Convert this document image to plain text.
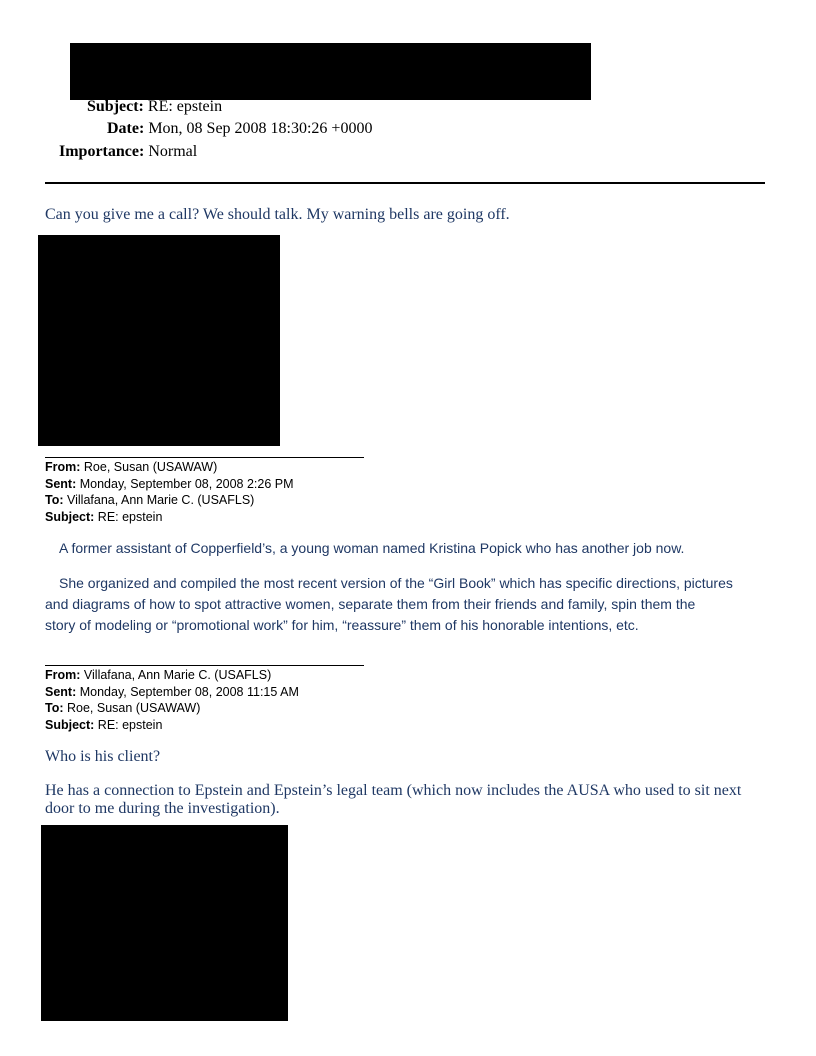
Subject: RE: epstein
Date: Mon, 08 Sep 2008 18:30:26 +0000
Importance: Normal
Can you give me a call? We should talk. My warning bells are going off.
From: Roe, Susan (USAWAW)
Sent: Monday, September 08, 2008 2:26 PM
To: Villafana, Ann Marie C. (USAFLS)
Subject: RE: epstein
A former assistant of Copperfield’s, a young woman named Kristina Popick who has another job now.
She organized and compiled the most recent version of the “Girl Book” which has specific directions, pictures
and diagrams of how to spot attractive women, separate them from their friends and family, spin them the
story of modeling or “promotional work” for him, “reassure” them of his honorable intentions, etc.
From: Villafana, Ann Marie C. (USAFLS)
Sent: Monday, September 08, 2008 11:15 AM
To: Roe, Susan (USAWAW)
Subject: RE: epstein
Who is his client?
He has a connection to Epstein and Epstein’s legal team (which now includes the AUSA who used to sit next
door to me during the investigation).
